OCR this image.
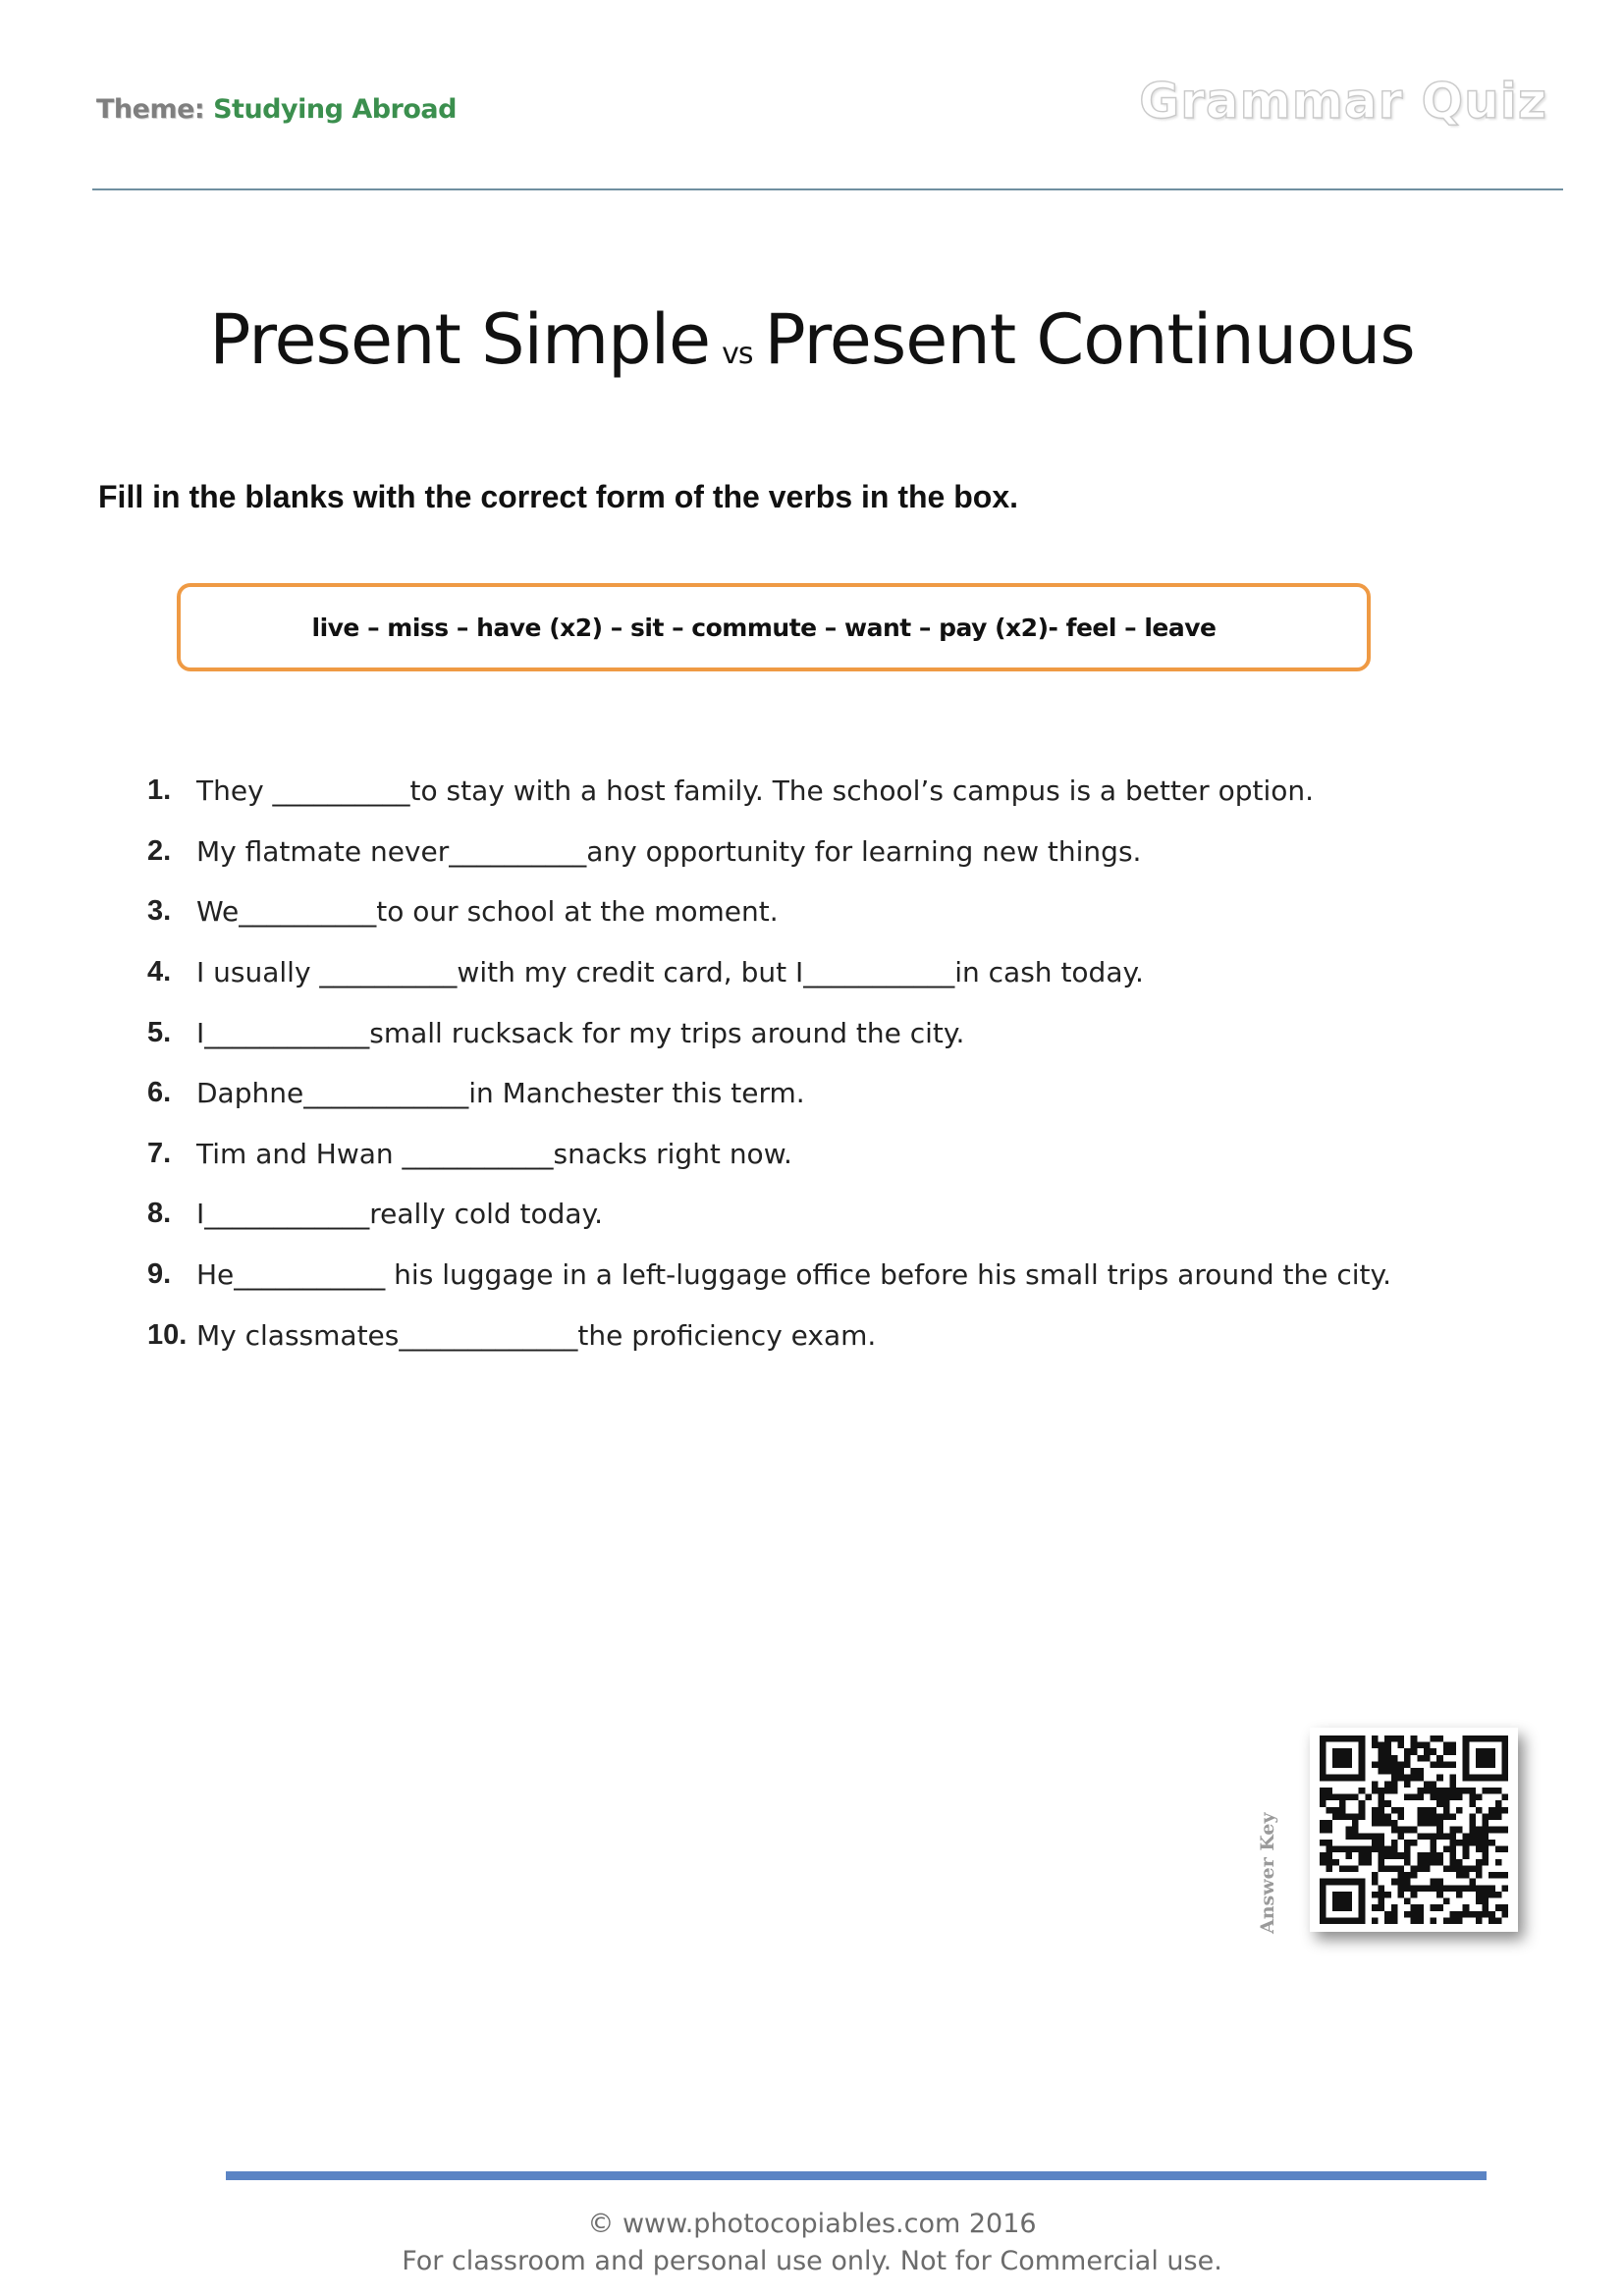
Theme: Studying Abroad	Grammar Quiz
Present Simple vs Present Continuous
Fill in the blanks with the correct form of the verbs in the box.
live – miss – have (x2) – sit – commute – want – pay (x2)- feel – leave
1. They __________to stay with a host family. The school’s campus is a better option.
2. My flatmate never__________any opportunity for learning new things.
3. We__________to our school at the moment.
4. I usually __________with my credit card, but I___________in cash today.
5. I____________small rucksack for my trips around the city.
6. Daphne____________in Manchester this term.
7. Tim and Hwan ___________snacks right now.
8. I____________really cold today.
9. He___________ his luggage in a left-luggage office before his small trips around the city.
10. My classmates_____________the proficiency exam.
Answer Key
© www.photocopiables.com 2016
For classroom and personal use only. Not for Commercial use.
